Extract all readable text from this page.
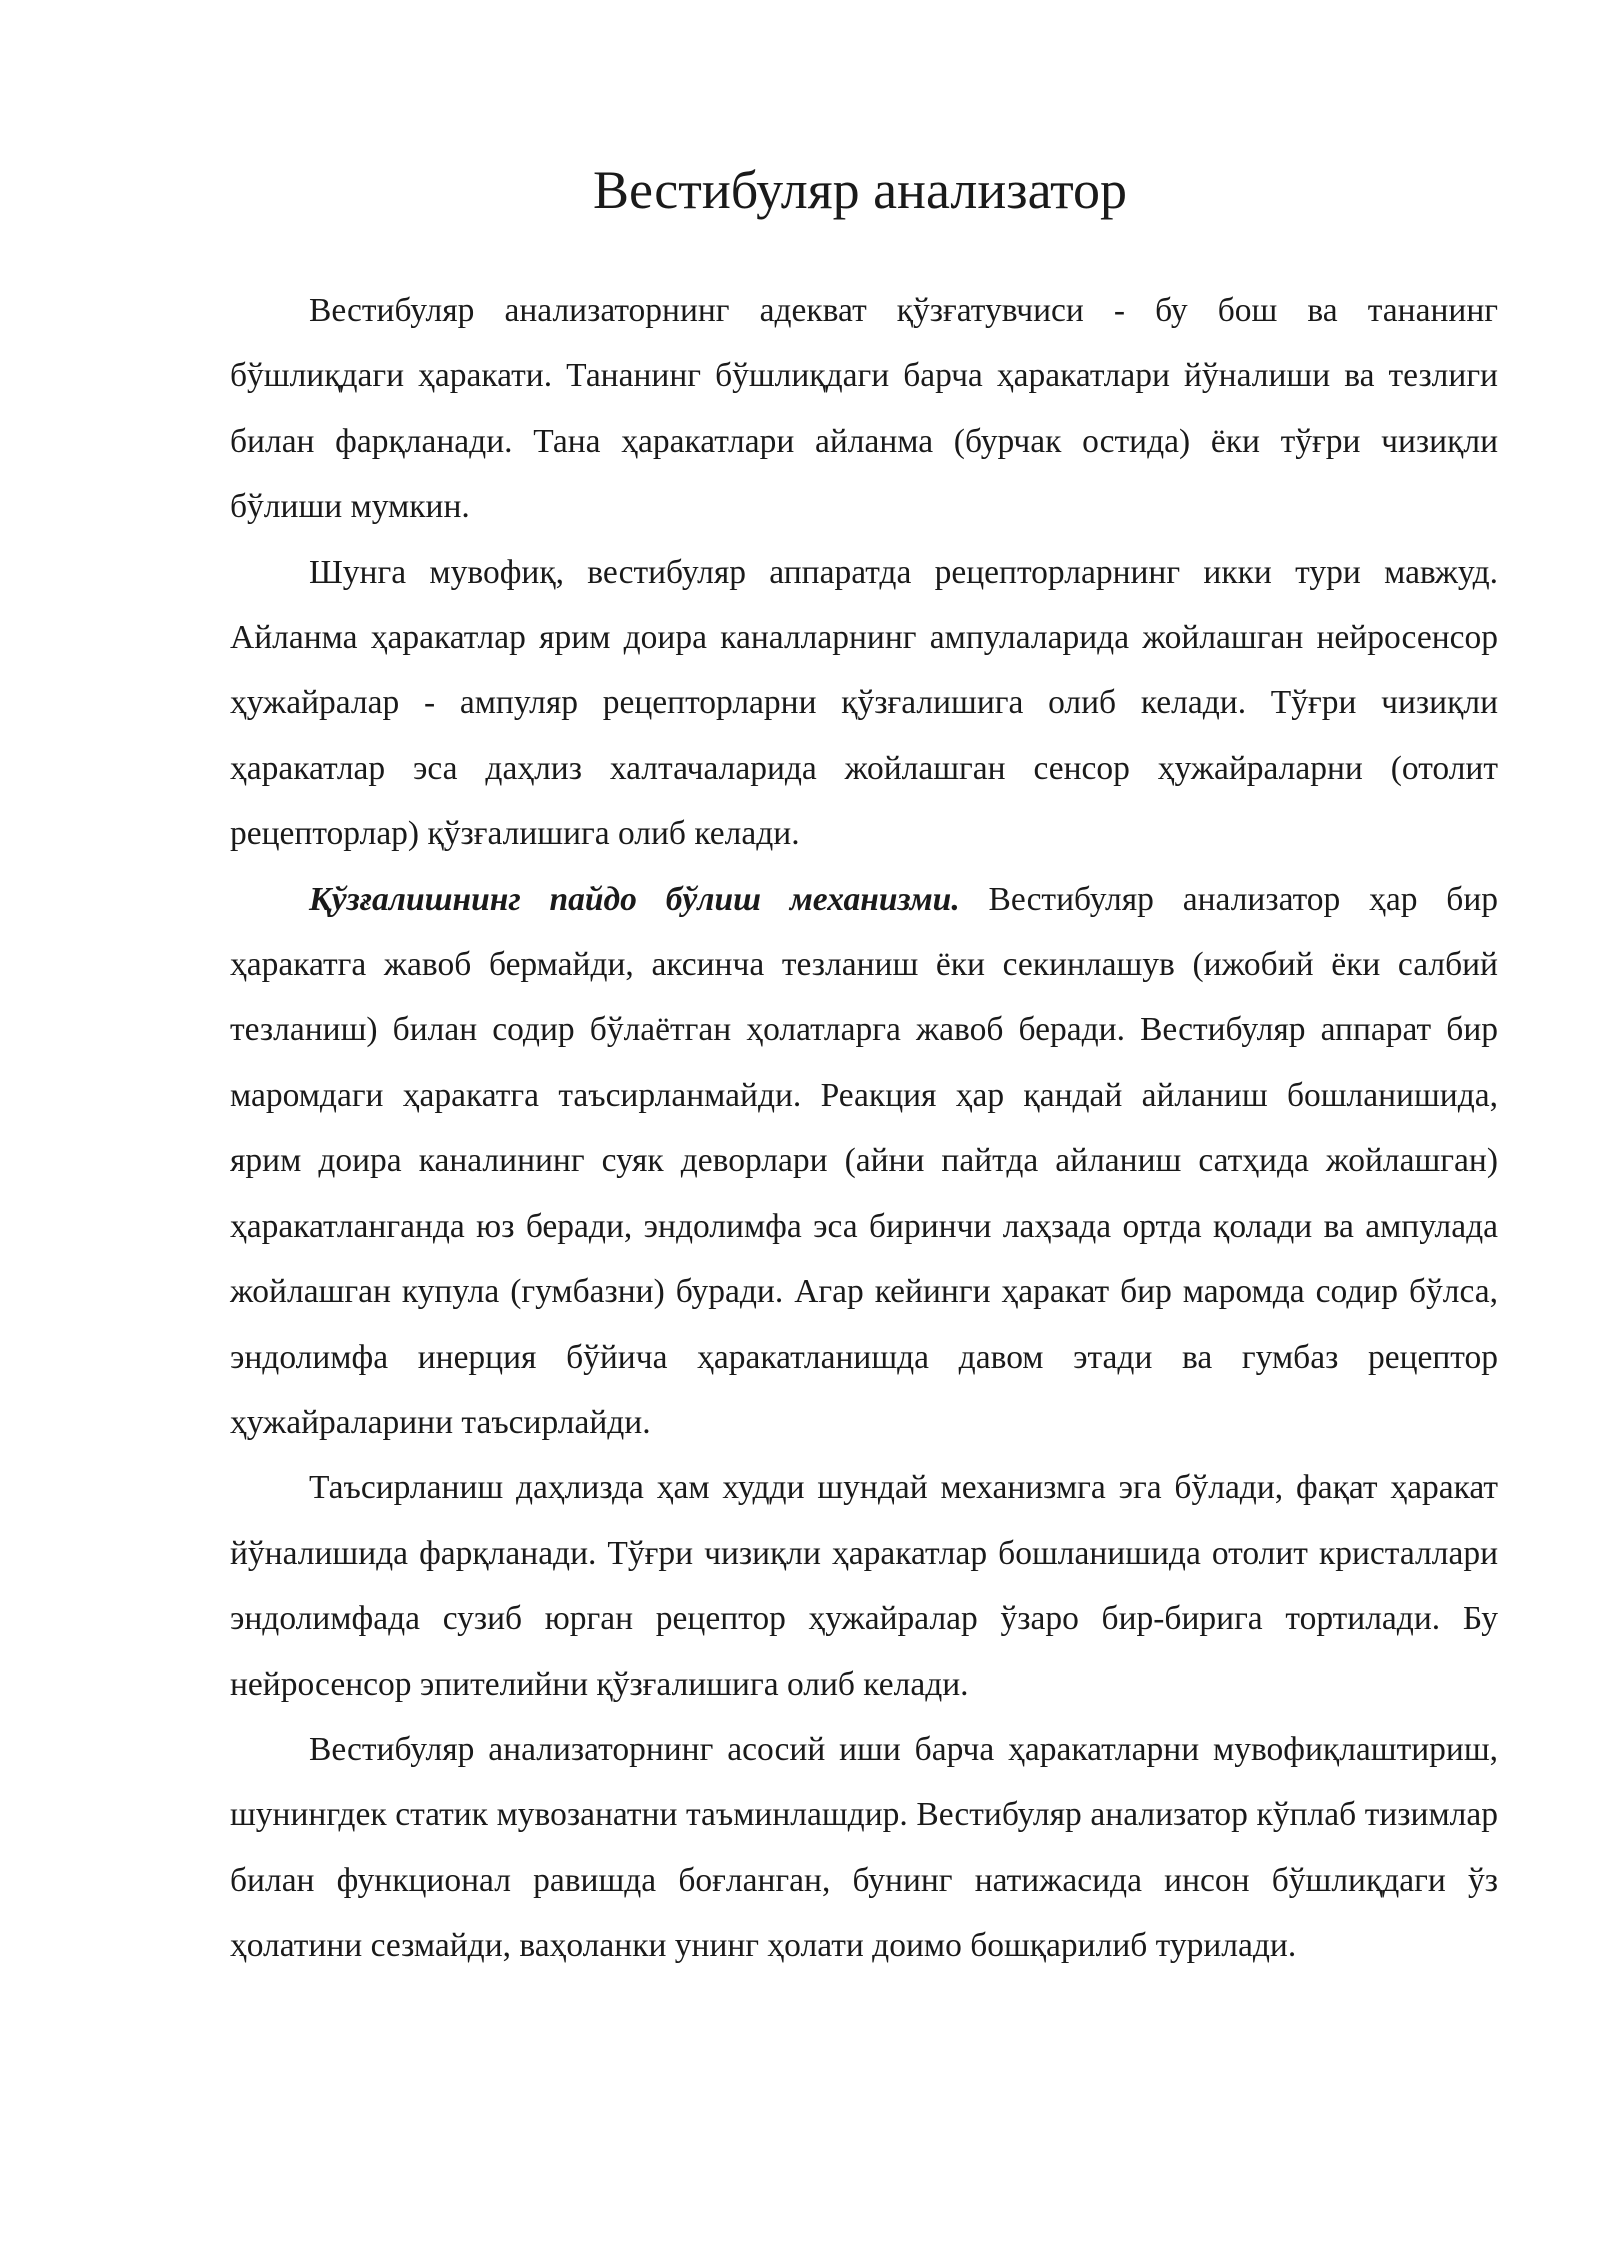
Вестибуляр анализатор

Вестибуляр анализаторнинг адекват қўзғатувчиси - бу бош ва тананинг бўшлиқдаги ҳаракати. Тананинг бўшлиқдаги барча ҳаракатлари йўналиши ва тезлиги билан фарқланади. Тана ҳаракатлари айланма (бурчак остида) ёки тўғри чизиқли бўлиши мумкин.

Шунга мувофиқ, вестибуляр аппаратда рецепторларнинг икки тури мавжуд. Айланма ҳаракатлар ярим доира каналларнинг ампулаларида жойлашган нейросенсор ҳужайралар - ампуляр рецепторларни қўзғалишига олиб келади. Тўғри чизиқли ҳаракатлар эса даҳлиз халтачаларида жойлашган сенсор ҳужайраларни (отолит рецепторлар) қўзғалишига олиб келади.

Қўзғалишнинг пайдо бўлиш механизми. Вестибуляр анализатор ҳар бир ҳаракатга жавоб бермайди, аксинча тезланиш ёки секинлашув (ижобий ёки салбий тезланиш) билан содир бўлаётган ҳолатларга жавоб беради. Вестибуляр аппарат бир маромдаги ҳаракатга таъсирланмайди. Реакция ҳар қандай айланиш бошланишида, ярим доира каналининг суяк деворлари (айни пайтда айланиш сатҳида жойлашган) ҳаракатланганда юз беради, эндолимфа эса биринчи лаҳзада ортда қолади ва ампулада жойлашган купула (гумбазни) буради. Агар кейинги ҳаракат бир маромда содир бўлса, эндолимфа инерция бўйича ҳаракатланишда давом этади ва гумбаз рецептор ҳужайраларини таъсирлайди.

Таъсирланиш даҳлизда ҳам худди шундай механизмга эга бўлади, фақат ҳаракат йўналишида фарқланади. Тўғри чизиқли ҳаракатлар бошланишида отолит кристаллари эндолимфада сузиб юрган рецептор ҳужайралар ўзаро бир-бирига тортилади. Бу нейросенсор эпителийни қўзғалишига олиб келади.

Вестибуляр анализаторнинг асосий иши барча ҳаракатларни мувофиқлаштириш, шунингдек статик мувозанатни таъминлашдир. Вестибуляр анализатор кўплаб тизимлар билан функционал равишда боғланган, бунинг натижасида инсон бўшлиқдаги ўз ҳолатини сезмайди, ваҳоланки унинг ҳолати доимо бошқарилиб турилади.
